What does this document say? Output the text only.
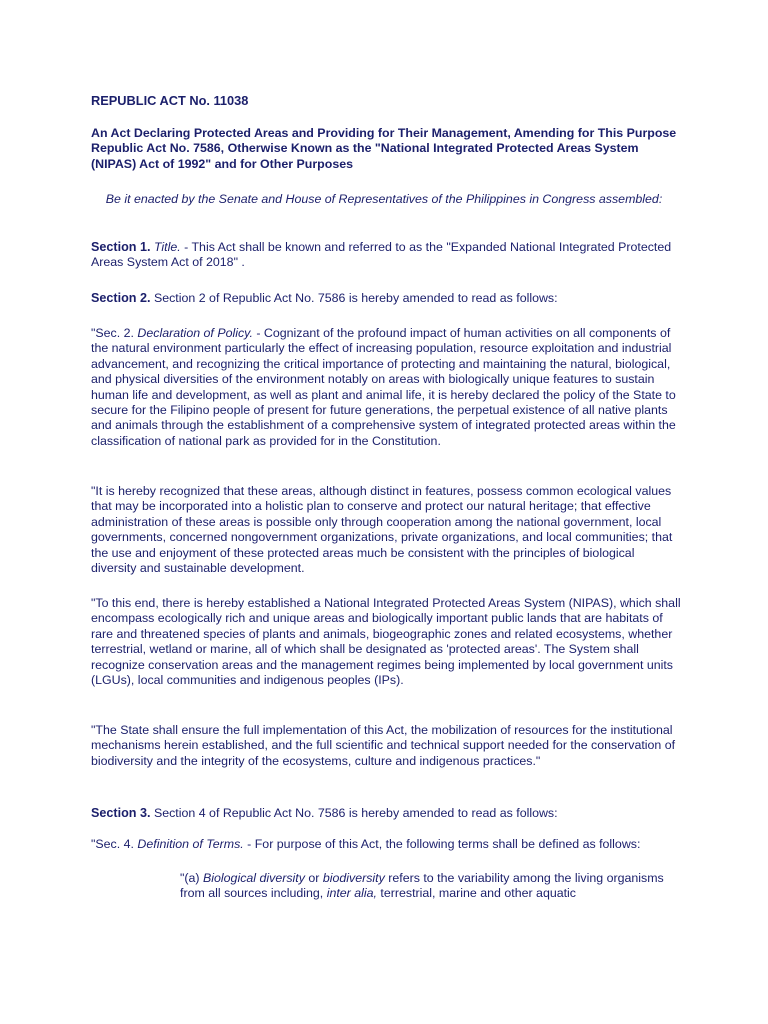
REPUBLIC ACT No. 11038

An Act Declaring Protected Areas and Providing for Their Management, Amending for This Purpose Republic Act No. 7586, Otherwise Known as the "National Integrated Protected Areas System (NIPAS) Act of 1992" and for Other Purposes

Be it enacted by the Senate and House of Representatives of the Philippines in Congress assembled:

Section 1. Title. - This Act shall be known and referred to as the "Expanded National Integrated Protected Areas System Act of 2018" .

Section 2. Section 2 of Republic Act No. 7586 is hereby amended to read as follows:

"Sec. 2. Declaration of Policy. - Cognizant of the profound impact of human activities on all components of the natural environment particularly the effect of increasing population, resource exploitation and industrial advancement, and recognizing the critical importance of protecting and maintaining the natural, biological, and physical diversities of the environment notably on areas with biologically unique features to sustain human life and development, as well as plant and animal life, it is hereby declared the policy of the State to secure for the Filipino people of present for future generations, the perpetual existence of all native plants and animals through the establishment of a comprehensive system of integrated protected areas within the classification of national park as provided for in the Constitution.

"It is hereby recognized that these areas, although distinct in features, possess common ecological values that may be incorporated into a holistic plan to conserve and protect our natural heritage; that effective administration of these areas is possible only through cooperation among the national government, local governments, concerned nongovernment organizations, private organizations, and local communities; that the use and enjoyment of these protected areas much be consistent with the principles of biological diversity and sustainable development.

"To this end, there is hereby established a National Integrated Protected Areas System (NIPAS), which shall encompass ecologically rich and unique areas and biologically important public lands that are habitats of rare and threatened species of plants and animals, biogeographic zones and related ecosystems, whether terrestrial, wetland or marine, all of which shall be designated as 'protected areas'. The System shall recognize conservation areas and the management regimes being implemented by local government units (LGUs), local communities and indigenous peoples (IPs).

"The State shall ensure the full implementation of this Act, the mobilization of resources for the institutional mechanisms herein established, and the full scientific and technical support needed for the conservation of biodiversity and the integrity of the ecosystems, culture and indigenous practices."

Section 3. Section 4 of Republic Act No. 7586 is hereby amended to read as follows:

"Sec. 4. Definition of Terms. - For purpose of this Act, the following terms shall be defined as follows:

"(a) Biological diversity or biodiversity refers to the variability among the living organisms from all sources including, inter alia, terrestrial, marine and other aquatic
